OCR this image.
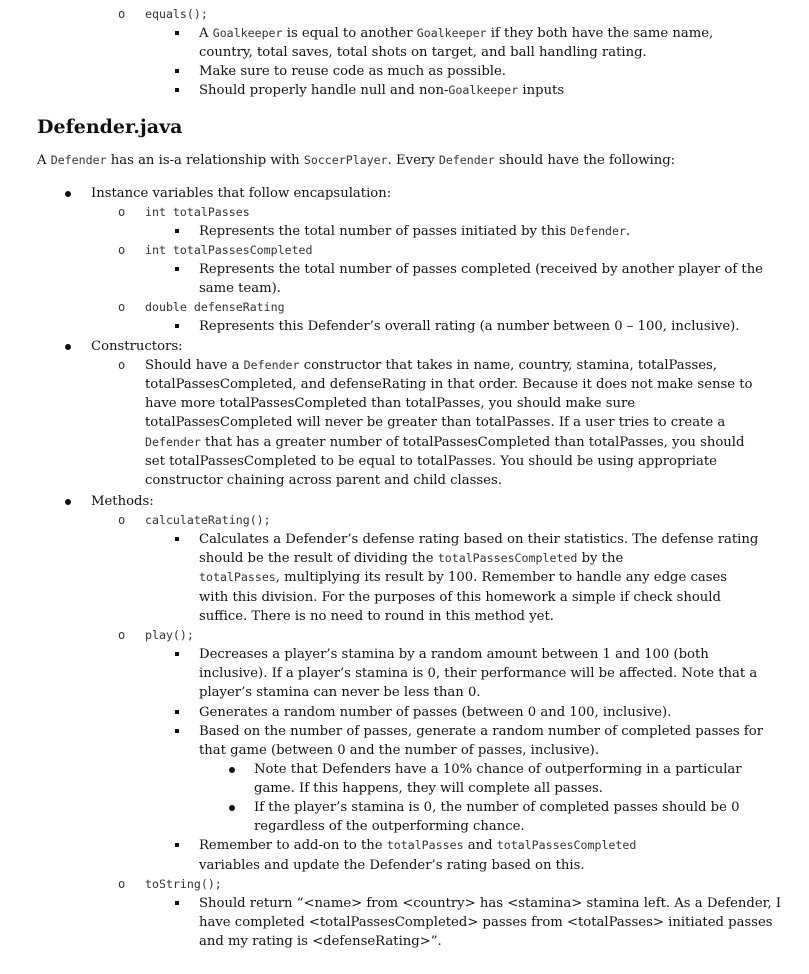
o equals();
A Goalkeeper is equal to another Goalkeeper if they both have the same name,
country, total saves, total shots on target, and ball handling rating.
Make sure to reuse code as much as possible.
Should properly handle null and non-Goalkeeper inputs
Defender.java
A Defender has an is-a relationship with SoccerPlayer. Every Defender should have the following:
Instance variables that follow encapsulation:
o int totalPasses
Represents the total number of passes initiated by this Defender.
o int totalPassesCompleted
Represents the total number of passes completed (received by another player of the
same team).
o double defenseRating
Represents this Defender’s overall rating (a number between 0 – 100, inclusive).
Constructors:
o Should have a Defender constructor that takes in name, country, stamina, totalPasses,
totalPassesCompleted, and defenseRating in that order. Because it does not make sense to
have more totalPassesCompleted than totalPasses, you should make sure
totalPassesCompleted will never be greater than totalPasses. If a user tries to create a
Defender that has a greater number of totalPassesCompleted than totalPasses, you should
set totalPassesCompleted to be equal to totalPasses. You should be using appropriate
constructor chaining across parent and child classes.
Methods:
o calculateRating();
Calculates a Defender’s defense rating based on their statistics. The defense rating
should be the result of dividing the totalPassesCompleted by the
totalPasses, multiplying its result by 100. Remember to handle any edge cases
with this division. For the purposes of this homework a simple if check should
suffice. There is no need to round in this method yet.
o play();
Decreases a player’s stamina by a random amount between 1 and 100 (both
inclusive). If a player’s stamina is 0, their performance will be affected. Note that a
player’s stamina can never be less than 0.
Generates a random number of passes (between 0 and 100, inclusive).
Based on the number of passes, generate a random number of completed passes for
that game (between 0 and the number of passes, inclusive).
Note that Defenders have a 10% chance of outperforming in a particular
game. If this happens, they will complete all passes.
If the player’s stamina is 0, the number of completed passes should be 0
regardless of the outperforming chance.
Remember to add-on to the totalPasses and totalPassesCompleted
variables and update the Defender’s rating based on this.
o toString();
Should return “<name> from <country> has <stamina> stamina left. As a Defender, I
have completed <totalPassesCompleted> passes from <totalPasses> initiated passes
and my rating is <defenseRating>”.
